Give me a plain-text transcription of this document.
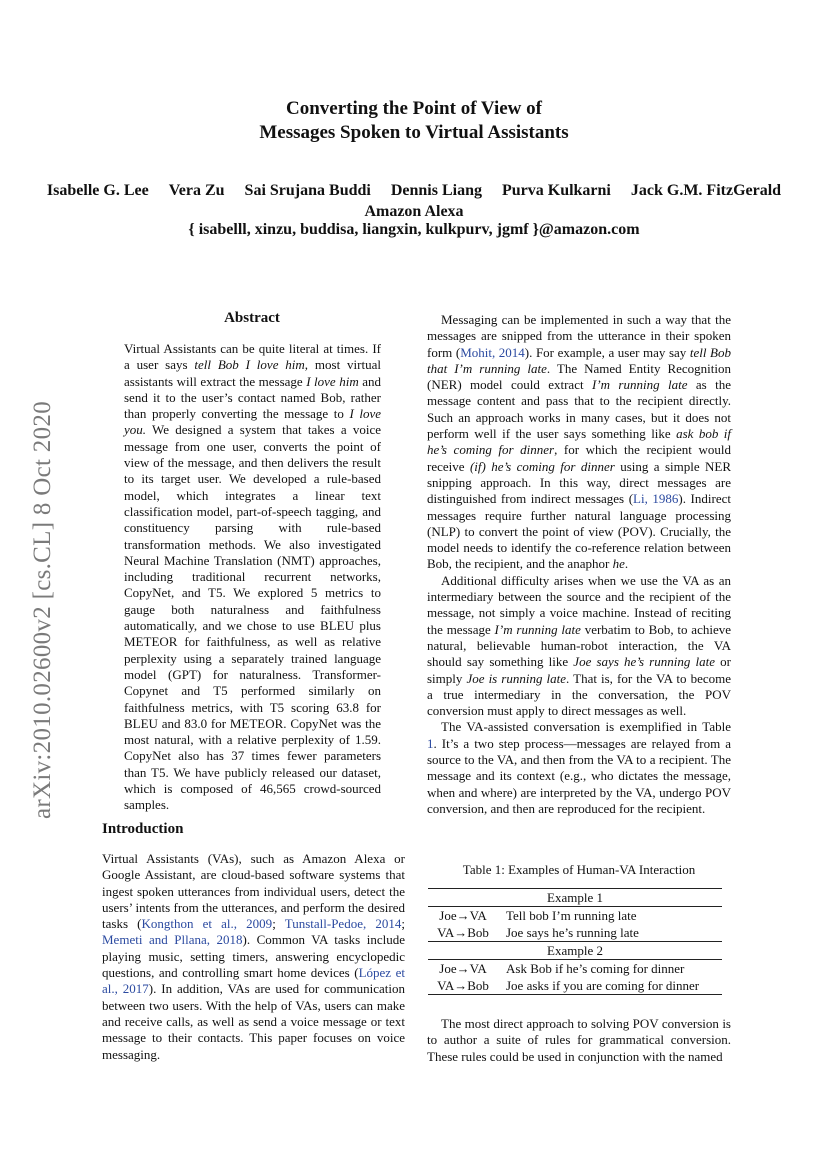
Converting the Point of View of
Messages Spoken to Virtual Assistants
Isabelle G. Lee Vera Zu Sai Srujana Buddi Dennis Liang Purva Kulkarni Jack G.M. FitzGerald
Amazon Alexa
{ isabelll, xinzu, buddisa, liangxin, kulkpurv, jgmf }@amazon.com
arXiv:2010.02600v2 [cs.CL] 8 Oct 2020
Abstract
Virtual Assistants can be quite literal at times. If a user says tell Bob I love him, most virtual assistants will extract the message I love him and send it to the user’s contact named Bob, rather than properly converting the message to I love you. We designed a system that takes a voice message from one user, converts the point of view of the message, and then delivers the result to its target user. We developed a rule-based model, which integrates a linear text classification model, part-of-speech tagging, and constituency parsing with rule-based transformation methods. We also investigated Neural Machine Translation (NMT) approaches, including traditional recurrent networks, CopyNet, and T5. We explored 5 metrics to gauge both naturalness and faithfulness automatically, and we chose to use BLEU plus METEOR for faithfulness, as well as relative perplexity using a separately trained language model (GPT) for naturalness. Transformer-Copynet and T5 performed similarly on faithfulness metrics, with T5 scoring 63.8 for BLEU and 83.0 for METEOR. CopyNet was the most natural, with a relative perplexity of 1.59. CopyNet also has 37 times fewer parameters than T5. We have publicly released our dataset, which is composed of 46,565 crowd-sourced samples.
Introduction
Virtual Assistants (VAs), such as Amazon Alexa or Google Assistant, are cloud-based software systems that ingest spoken utterances from individual users, detect the users’ intents from the utterances, and perform the desired tasks (Kongthon et al., 2009; Tunstall-Pedoe, 2014; Memeti and Pllana, 2018). Common VA tasks include playing music, setting timers, answering encyclopedic questions, and controlling smart home devices (López et al., 2017). In addition, VAs are used for communication between two users. With the help of VAs, users can make and receive calls, as well as send a voice message or text message to their contacts. This paper focuses on voice messaging.

Messaging can be implemented in such a way that the messages are snipped from the utterance in their spoken form (Mohit, 2014). For example, a user may say tell Bob that I’m running late. The Named Entity Recognition (NER) model could extract I’m running late as the message content and pass that to the recipient directly. Such an approach works in many cases, but it does not perform well if the user says something like ask bob if he’s coming for dinner, for which the recipient would receive (if) he’s coming for dinner using a simple NER snipping approach. In this way, direct messages are distinguished from indirect messages (Li, 1986). Indirect messages require further natural language processing (NLP) to convert the point of view (POV). Crucially, the model needs to identify the co-reference relation between Bob, the recipient, and the anaphor he.

Additional difficulty arises when we use the VA as an intermediary between the source and the recipient of the message, not simply a voice machine. Instead of reciting the message I’m running late verbatim to Bob, to achieve natural, believable human-robot interaction, the VA should say something like Joe says he’s running late or simply Joe is running late. That is, for the VA to become a true intermediary in the conversation, the POV conversion must apply to direct messages as well.

The VA-assisted conversation is exemplified in Table 1. It’s a two step process—messages are relayed from a source to the VA, and then from the VA to a recipient. The message and its context (e.g., who dictates the message, when and where) are interpreted by the VA, undergo POV conversion, and then are reproduced for the recipient.

Table 1: Examples of Human-VA Interaction
Example 1
Joe→VA	Tell bob I’m running late
VA→Bob	Joe says he’s running late
Example 2
Joe→VA	Ask Bob if he’s coming for dinner
VA→Bob	Joe asks if you are coming for dinner

The most direct approach to solving POV conversion is to author a suite of rules for grammatical conversion. These rules could be used in conjunction with the named
